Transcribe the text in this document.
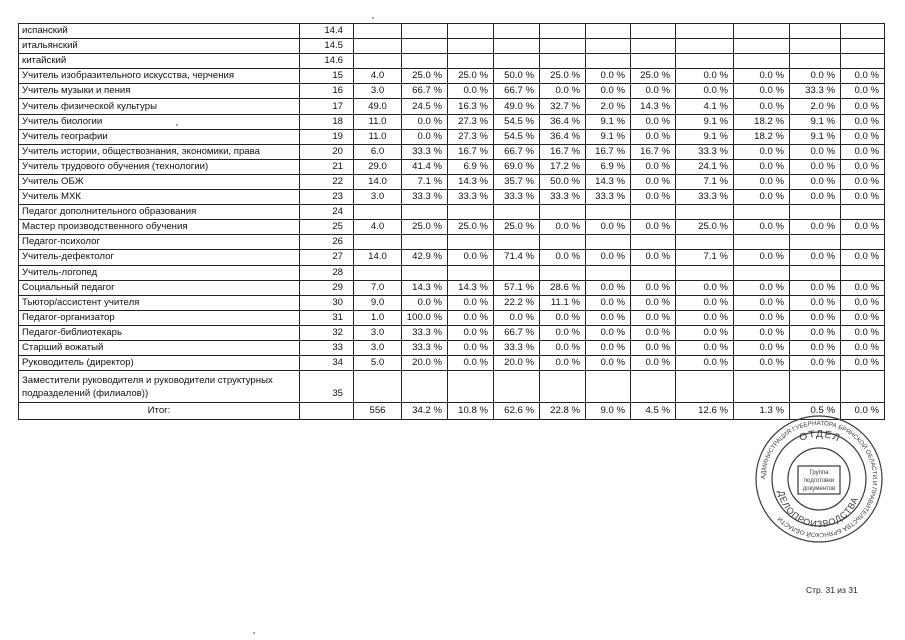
испанский	14.4											
итальянский	14.5											
китайский	14.6											
Учитель изобразительного искусства, черчения	15	4.0	25.0 %	25.0 %	50.0 %	25.0 %	0.0 %	25.0 %	0.0 %	0.0 %	0.0 %	0.0 %
Учитель музыки и пения	16	3.0	66.7 %	0.0 %	66.7 %	0.0 %	0.0 %	0.0 %	0.0 %	0.0 %	33.3 %	0.0 %
Учитель физической культуры	17	49.0	24.5 %	16.3 %	49.0 %	32.7 %	2.0 %	14.3 %	4.1 %	0.0 %	2.0 %	0.0 %
Учитель биологии	18	11.0	0.0 %	27.3 %	54.5 %	36.4 %	9.1 %	0.0 %	9.1 %	18.2 %	9.1 %	0.0 %
Учитель географии	19	11.0	0.0 %	27.3 %	54.5 %	36.4 %	9.1 %	0.0 %	9.1 %	18.2 %	9.1 %	0.0 %
Учитель истории, обществознания, экономики, права	20	6.0	33.3 %	16.7 %	66.7 %	16.7 %	16.7 %	16.7 %	33.3 %	0.0 %	0.0 %	0.0 %
Учитель трудового обучения (технологии)	21	29.0	41.4 %	6.9 %	69.0 %	17.2 %	6.9 %	0.0 %	24.1 %	0.0 %	0.0 %	0.0 %
Учитель ОБЖ	22	14.0	7.1 %	14.3 %	35.7 %	50.0 %	14.3 %	0.0 %	7.1 %	0.0 %	0.0 %	0.0 %
Учитель МХК	23	3.0	33.3 %	33.3 %	33.3 %	33.3 %	33.3 %	0.0 %	33.3 %	0.0 %	0.0 %	0.0 %
Педагог дополнительного образования	24											
Мастер производственного обучения	25	4.0	25.0 %	25.0 %	25.0 %	0.0 %	0.0 %	0.0 %	25.0 %	0.0 %	0.0 %	0.0 %
Педагог-психолог	26											
Учитель-дефектолог	27	14.0	42.9 %	0.0 %	71.4 %	0.0 %	0.0 %	0.0 %	7.1 %	0.0 %	0.0 %	0.0 %
Учитель-логопед	28											
Социальный педагог	29	7.0	14.3 %	14.3 %	57.1 %	28.6 %	0.0 %	0.0 %	0.0 %	0.0 %	0.0 %	0.0 %
Тьютор/ассистент учителя	30	9.0	0.0 %	0.0 %	22.2 %	11.1 %	0.0 %	0.0 %	0.0 %	0.0 %	0.0 %	0.0 %
Педагог-организатор	31	1.0	100.0 %	0.0 %	0.0 %	0.0 %	0.0 %	0.0 %	0.0 %	0.0 %	0.0 %	0.0 %
Педагог-библиотекарь	32	3.0	33.3 %	0.0 %	66.7 %	0.0 %	0.0 %	0.0 %	0.0 %	0.0 %	0.0 %	0.0 %
Старший вожатый	33	3.0	33.3 %	0.0 %	33.3 %	0.0 %	0.0 %	0.0 %	0.0 %	0.0 %	0.0 %	0.0 %
Руководитель (директор)	34	5.0	20.0 %	0.0 %	20.0 %	0.0 %	0.0 %	0.0 %	0.0 %	0.0 %	0.0 %	0.0 %
Заместители руководителя и руководители структурных подразделений (филиалов))	35											
Итог:		556	34.2 %	10.8 %	62.6 %	22.8 %	9.0 %	4.5 %	12.6 %	1.3 %	0.5 %	0.0 %
АДМИНИСТРАЦИЯ ГУБЕРНАТОРА БРЯНСКОЙ ОБЛАСТИ И ПРАВИТЕЛЬСТВА БРЯНСКОЙ ОБЛАСТИ
ОТДЕЛ
ДЕЛОПРОИЗВОДСТВА
Группа
подготовки
документов
Стр. 31 из 31
